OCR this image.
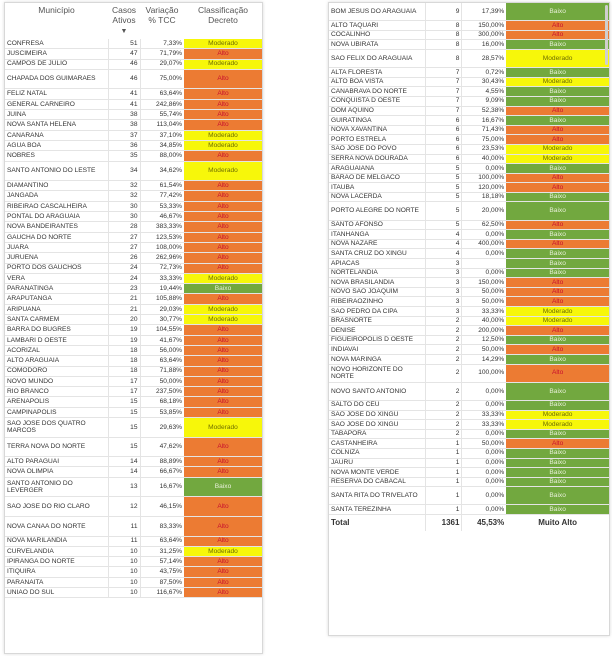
Município	Casos Ativos
▼	Variação % TCC	Classificação Decreto
CONFRESA	51	7,33%	Moderado
JUSCIMEIRA	47	71,79%	Alto
CAMPOS DE JULIO	46	29,07%	Moderado
CHAPADA DOS GUIMARAES	46	75,00%	Alto
FELIZ NATAL	41	63,64%	Alto
GENERAL CARNEIRO	41	242,86%	Alto
JUINA	38	55,74%	Alto
NOVA SANTA HELENA	38	113,04%	Alto
CANARANA	37	37,10%	Moderado
AGUA BOA	36	34,85%	Moderado
NOBRES	35	88,00%	Alto
SANTO ANTONIO DO LESTE	34	34,62%	Moderado
DIAMANTINO	32	61,54%	Alto
JANGADA	32	77,42%	Alto
RIBEIRAO CASCALHEIRA	30	53,33%	Alto
PONTAL DO ARAGUAIA	30	46,67%	Alto
NOVA BANDEIRANTES	28	383,33%	Alto
GAUCHA DO NORTE	27	123,53%	Alto
JUARA	27	108,00%	Alto
JURUENA	26	262,96%	Alto
PORTO DOS GAUCHOS	24	72,73%	Alto
VERA	24	33,33%	Moderado
PARANATINGA	23	19,44%	Baixo
ARAPUTANGA	21	105,88%	Alto
ARIPUANA	21	29,03%	Moderado
SANTA CARMEM	20	30,77%	Moderado
BARRA DO BUGRES	19	104,55%	Alto
LAMBARI D OESTE	19	41,67%	Alto
ACORIZAL	18	56,00%	Alto
ALTO ARAGUAIA	18	63,64%	Alto
COMODORO	18	71,88%	Alto
NOVO MUNDO	17	50,00%	Alto
RIO BRANCO	17	237,50%	Alto
ARENAPOLIS	15	68,18%	Alto
CAMPINAPOLIS	15	53,85%	Alto
SAO JOSE DOS QUATRO MARCOS	15	29,63%	Moderado
TERRA NOVA DO NORTE	15	47,62%	Alto
ALTO PARAGUAI	14	88,89%	Alto
NOVA OLIMPIA	14	66,67%	Alto
SANTO ANTONIO DO LEVERGER	13	16,67%	Baixo
SAO JOSE DO RIO CLARO	12	46,15%	Alto
NOVA CANAA DO NORTE	11	83,33%	Alto
NOVA MARILANDIA	11	63,64%	Alto
CURVELANDIA	10	31,25%	Moderado
IPIRANGA DO NORTE	10	57,14%	Alto
ITIQUIRA	10	43,75%	Alto
PARANAITA	10	87,50%	Alto
UNIAO DO SUL	10	116,67%	Alto
BOM JESUS DO ARAGUAIA	9	17,39%	Baixo
ALTO TAQUARI	8	150,00%	Alto
COCALINHO	8	300,00%	Alto
NOVA UBIRATA	8	16,00%	Baixo
SAO FELIX DO ARAGUAIA	8	28,57%	Moderado
ALTA FLORESTA	7	0,72%	Baixo
ALTO BOA VISTA	7	30,43%	Moderado
CANABRAVA DO NORTE	7	4,55%	Baixo
CONQUISTA D OESTE	7	9,09%	Baixo
DOM AQUINO	7	52,38%	Alto
GUIRATINGA	6	16,67%	Baixo
NOVA XAVANTINA	6	71,43%	Alto
PORTO ESTRELA	6	75,00%	Alto
SAO JOSE DO POVO	6	23,53%	Moderado
SERRA NOVA DOURADA	6	40,00%	Moderado
ARAGUAIANA	5	0,00%	Baixo
BARAO DE MELGACO	5	100,00%	Alto
ITAUBA	5	120,00%	Alto
NOVA LACERDA	5	18,18%	Baixo
PORTO ALEGRE DO NORTE	5	20,00%	Baixo
SANTO AFONSO	5	62,50%	Alto
ITANHANGA	4	0,00%	Baixo
NOVA NAZARE	4	400,00%	Alto
SANTA CRUZ DO XINGU	4	0,00%	Baixo
APIACAS	3		Baixo
NORTELANDIA	3	0,00%	Baixo
NOVA BRASILANDIA	3	150,00%	Alto
NOVO SAO JOAQUIM	3	50,00%	Alto
RIBEIRAOZINHO	3	50,00%	Alto
SAO PEDRO DA CIPA	3	33,33%	Moderado
BRASNORTE	2	40,00%	Moderado
DENISE	2	200,00%	Alto
FIGUEIROPOLIS D OESTE	2	12,50%	Baixo
INDIAVAI	2	50,00%	Alto
NOVA MARINGA	2	14,29%	Baixo
NOVO HORIZONTE DO NORTE	2	100,00%	Alto
NOVO SANTO ANTONIO	2	0,00%	Baixo
SALTO DO CEU	2	0,00%	Baixo
SAO JOSE DO XINGU	2	33,33%	Moderado
SAO JOSE DO XINGU	2	33,33%	Moderado
TABAPORA	2	0,00%	Baixo
CASTANHEIRA	1	50,00%	Alto
COLNIZA	1	0,00%	Baixo
JAURU	1	0,00%	Baixo
NOVA MONTE VERDE	1	0,00%	Baixo
RESERVA DO CABACAL	1	0,00%	Baixo
SANTA RITA DO TRIVELATO	1	0,00%	Baixo
SANTA TEREZINHA	1	0,00%	Baixo
Total	1361	45,53%	Muito Alto
